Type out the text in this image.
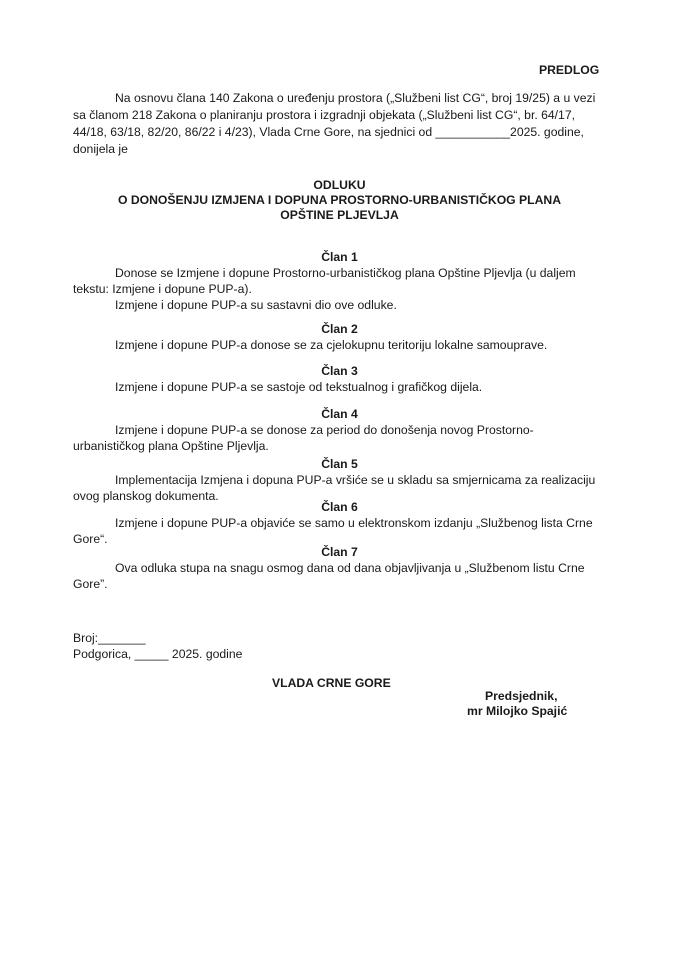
PREDLOG

Na osnovu člana 140 Zakona o uređenju prostora („Službeni list CG“, broj 19/25) a u vezi

sa članom 218 Zakona o planiranju prostora i izgradnji objekata („Službeni list CG“, br. 64/17,

44/18, 63/18, 82/20, 86/22 i 4/23), Vlada Crne Gore, na sjednici od ___________2025. godine,

donijela je

ODLUKU

O DONOŠENJU IZMJENA I DOPUNA PROSTORNO-URBANISTIČKOG PLANA

OPŠTINE PLJEVLJA

Član 1

Donose se Izmjene i dopune Prostorno-urbanističkog plana Opštine Pljevlja (u daljem

tekstu: Izmjene i dopune PUP-a).

Izmjene i dopune PUP-a su sastavni dio ove odluke.

Član 2

Izmjene i dopune PUP-a donose se za cjelokupnu teritoriju lokalne samouprave.

Član 3

Izmjene i dopune PUP-a se sastoje od tekstualnog i grafičkog dijela.

Član 4

Izmjene i dopune PUP-a se donose za period do donošenja novog Prostorno-

urbanističkog plana Opštine Pljevlja.

Član 5

Implementacija Izmjena i dopuna PUP-a vršiće se u skladu sa smjernicama za realizaciju

ovog planskog dokumenta.

Član 6

Izmjene i dopune PUP-a objaviće se samo u elektronskom izdanju „Službenog lista Crne

Gore“.

Član 7

Ova odluka stupa na snagu osmog dana od dana objavljivanja u „Službenom listu Crne

Gore”.

Broj:_______

Podgorica, _____ 2025. godine

VLADA CRNE GORE

Predsjednik,

mr Milojko Spajić
